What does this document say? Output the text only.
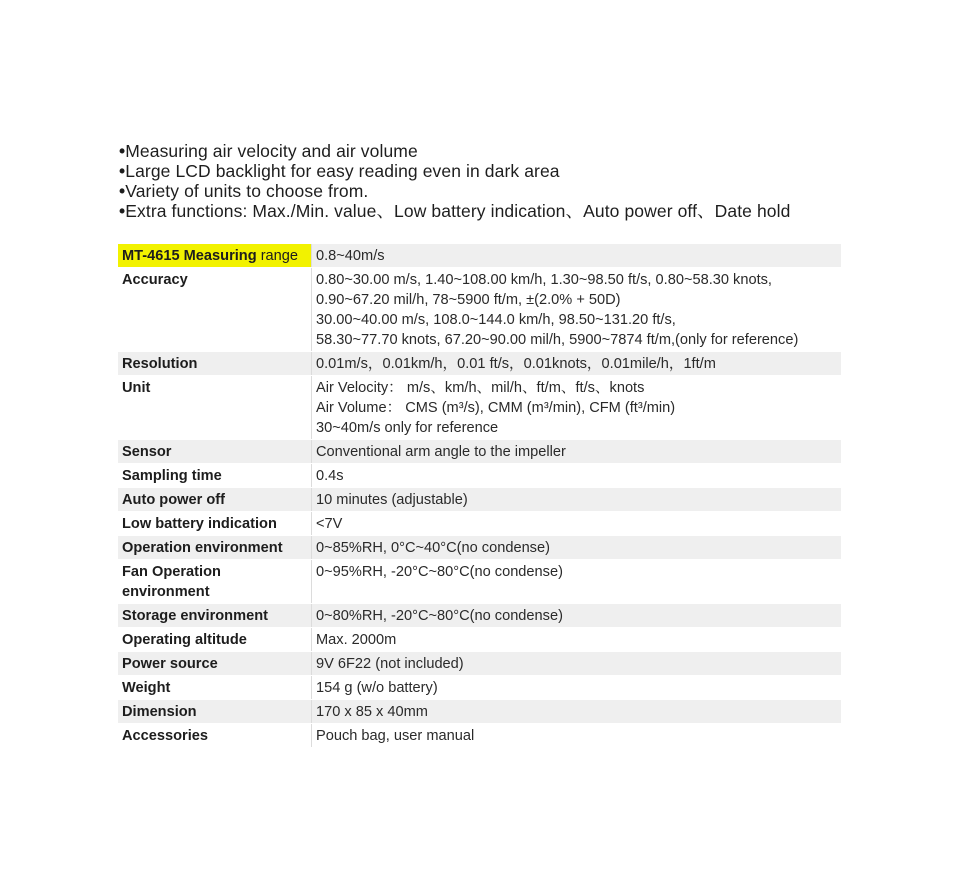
•Measuring air velocity and air volume
•Large LCD backlight for easy reading even in dark area
•Variety of units to choose from.
•Extra functions: Max./Min. value、Low battery indication、Auto power off、Date hold
MT-4615 Measuring range	0.8~40m/s
Accuracy	0.80~30.00 m/s, 1.40~108.00 km/h, 1.30~98.50 ft/s, 0.80~58.30 knots,
0.90~67.20 mil/h, 78~5900 ft/m, ±(2.0% + 50D)
30.00~40.00 m/s, 108.0~144.0 km/h, 98.50~131.20 ft/s,
58.30~77.70 knots, 67.20~90.00 mil/h, 5900~7874 ft/m,(only for reference)

Resolution	0.01m/s，0.01km/h，0.01 ft/s，0.01knots，0.01mile/h，1ft/m

Unit	Air Velocity： m/s、km/h、mil/h、ft/m、ft/s、knots
Air Volume： CMS (m³/s), CMM (m³/min), CFM (ft³/min)
30~40m/s only for reference

Sensor	Conventional arm angle to the impeller

Sampling time	0.4s

Auto power off	10 minutes (adjustable)

Low battery indication	<7V

Operation environment	0~85%RH, 0°C~40°C(no condense)

Fan Operation
environment	0~95%RH, -20°C~80°C(no condense)

Storage environment	0~80%RH, -20°C~80°C(no condense)

Operating altitude	Max. 2000m

Power source	9V 6F22 (not included)

Weight	154 g (w/o battery)

Dimension	170 x 85 x 40mm

Accessories	Pouch bag, user manual
